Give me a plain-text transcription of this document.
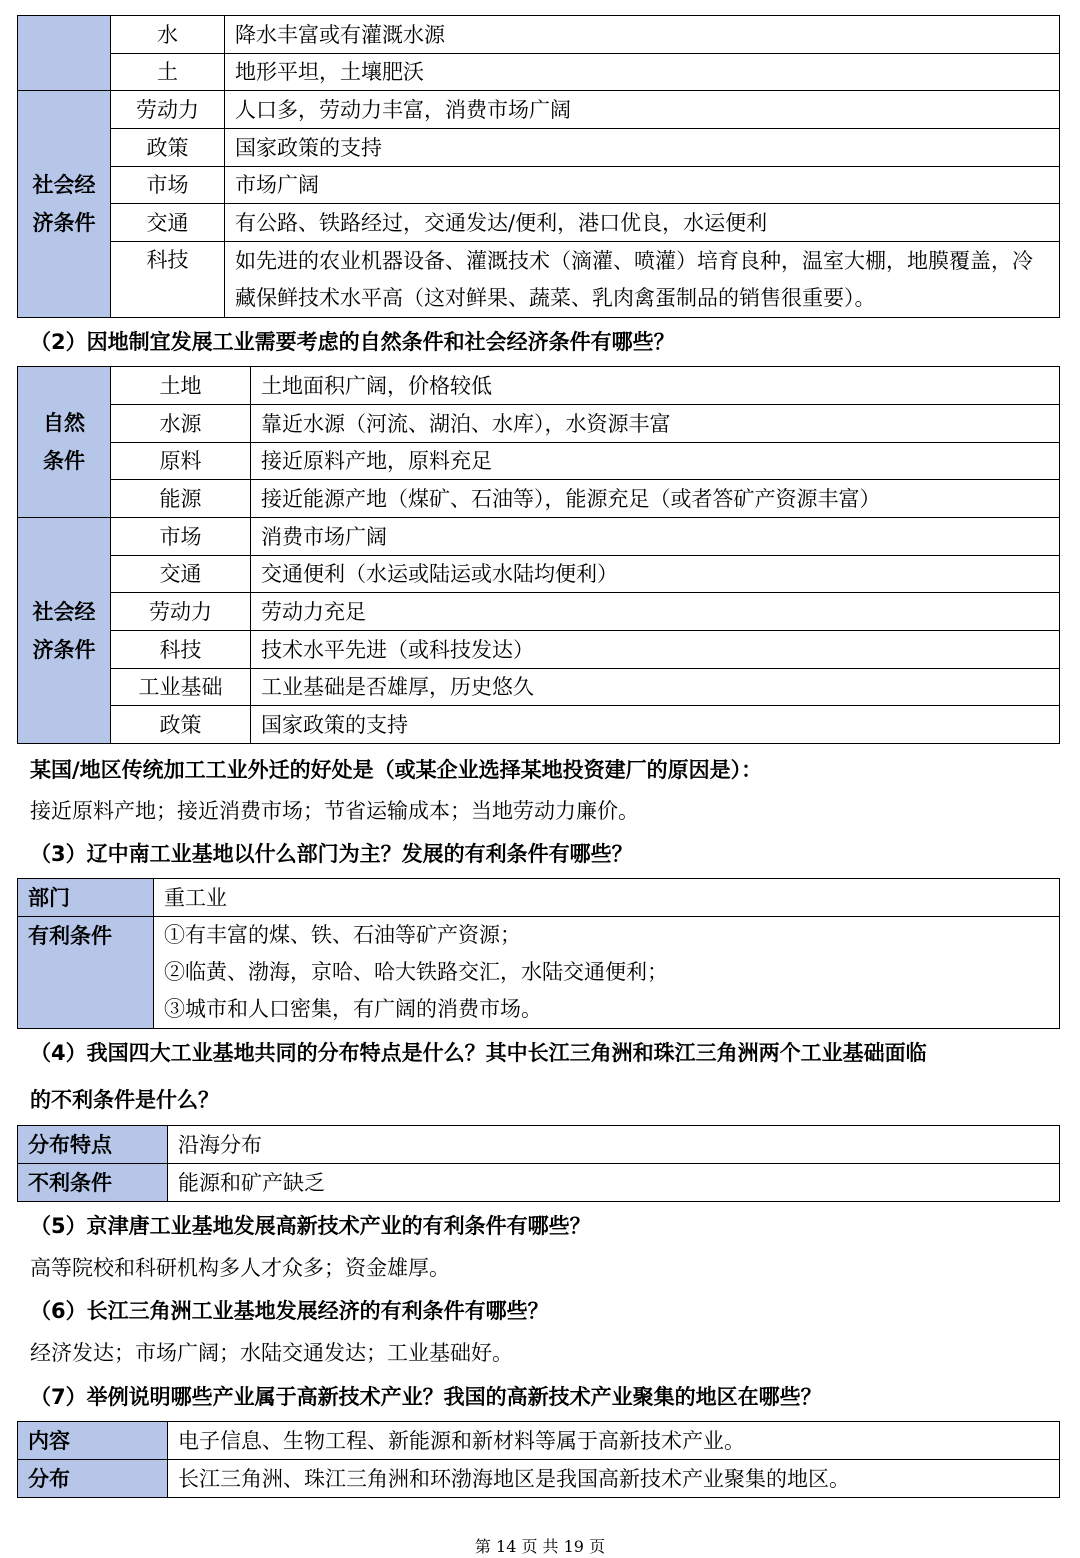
	水	降水丰富或有灌溉水源
	土	地形平坦，土壤肥沃
社会经济条件	劳动力	人口多，劳动力丰富，消费市场广阔
	政策	国家政策的支持
	市场	市场广阔
	交通	有公路、铁路经过，交通发达/便利，港口优良，水运便利
	科技	如先进的农业机器设备、灌溉技术（滴灌、喷灌）培育良种，温室大棚，地膜覆盖，冷藏保鲜技术水平高（这对鲜果、蔬菜、乳肉禽蛋制品的销售很重要）。
（2）因地制宜发展工业需要考虑的自然条件和社会经济条件有哪些？
自然条件	土地	土地面积广阔，价格较低
	水源	靠近水源（河流、湖泊、水库），水资源丰富
	原料	接近原料产地，原料充足
	能源	接近能源产地（煤矿、石油等），能源充足（或者答矿产资源丰富）
社会经济条件	市场	消费市场广阔
	交通	交通便利（水运或陆运或水陆均便利）
	劳动力	劳动力充足
	科技	技术水平先进（或科技发达）
	工业基础	工业基础是否雄厚，历史悠久
	政策	国家政策的支持
某国/地区传统加工工业外迁的好处是（或某企业选择某地投资建厂的原因是）：
接近原料产地；接近消费市场；节省运输成本；当地劳动力廉价。
（3）辽中南工业基地以什么部门为主？发展的有利条件有哪些？
部门	重工业
有利条件	①有丰富的煤、铁、石油等矿产资源；
②临黄、渤海，京哈、哈大铁路交汇，水陆交通便利；
③城市和人口密集，有广阔的消费市场。
（4）我国四大工业基地共同的分布特点是什么？其中长江三角洲和珠江三角洲两个工业基础面临
的不利条件是什么？
分布特点	沿海分布
不利条件	能源和矿产缺乏
（5）京津唐工业基地发展高新技术产业的有利条件有哪些？
高等院校和科研机构多人才众多；资金雄厚。
（6）长江三角洲工业基地发展经济的有利条件有哪些？
经济发达；市场广阔；水陆交通发达；工业基础好。
（7）举例说明哪些产业属于高新技术产业？我国的高新技术产业聚集的地区在哪些？
内容	电子信息、生物工程、新能源和新材料等属于高新技术产业。
分布	长江三角洲、珠江三角洲和环渤海地区是我国高新技术产业聚集的地区。
第 14 页 共 19 页
